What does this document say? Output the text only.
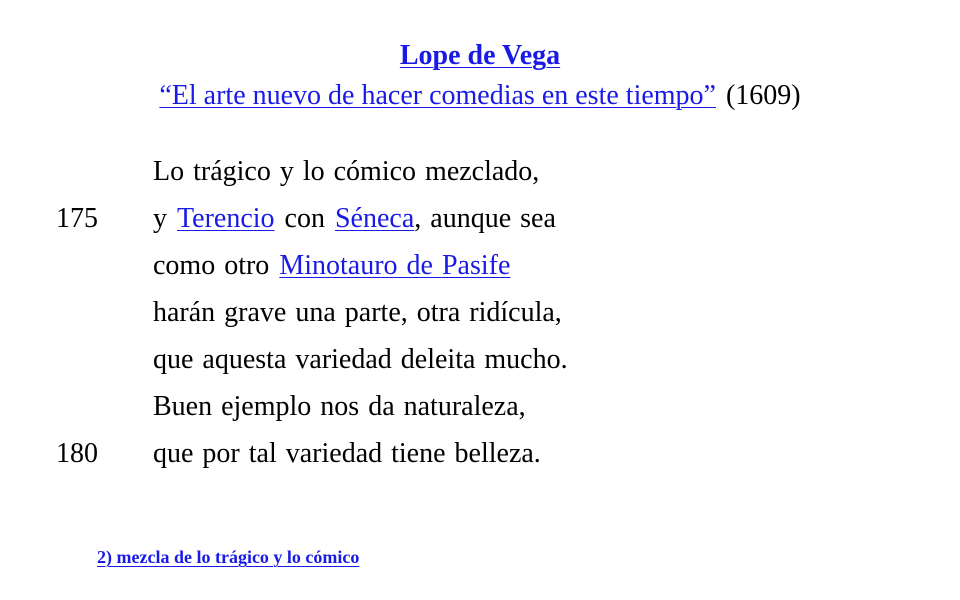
Lope de Vega
“El arte nuevo de hacer comedias en este tiempo” (1609)
Lo trágico y lo cómico mezclado,
175	y Terencio con Séneca, aunque sea
como otro Minotauro de Pasife
harán grave una parte, otra ridícula,
que aquesta variedad deleita mucho.
Buen ejemplo nos da naturaleza,
180	que por tal variedad tiene belleza.
2) mezcla de lo trágico y lo cómico
